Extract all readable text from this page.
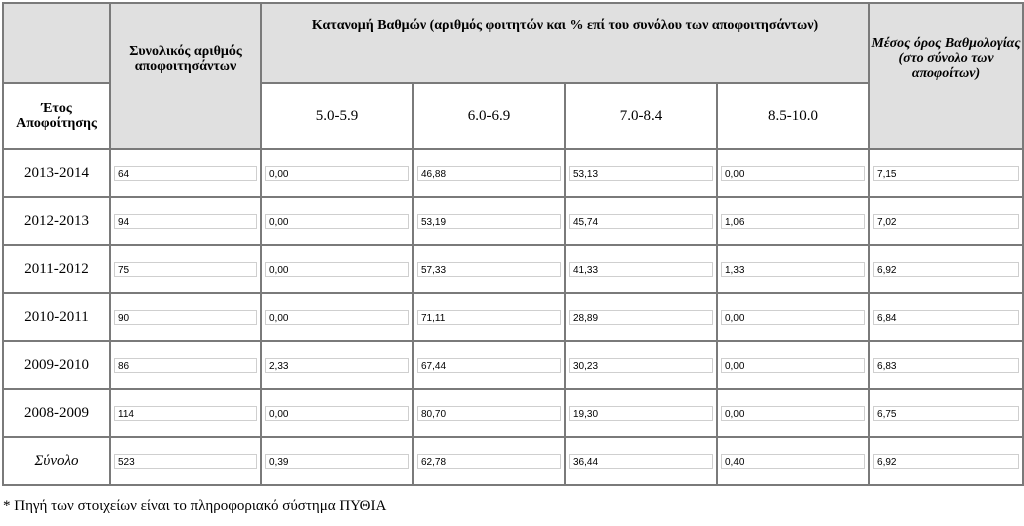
	Συνολικός αριθμός αποφοιτησάντων	Κατανομή Βαθμών (αριθμός φοιτητών και % επί του συνόλου των αποφοιτησάντων)				Μέσος όρος Βαθμολογίας (στο σύνολο των αποφοίτων)
Έτος Αποφοίτησης		5.0-5.9	6.0-6.9	7.0-8.4	8.5-10.0	
2013-2014	64	0,00	46,88	53,13	0,00	7,15

2012-2013	94	0,00	53,19	45,74	1,06	7,02

2011-2012	75	0,00	57,33	41,33	1,33	6,92

2010-2011	90	0,00	71,11	28,89	0,00	6,84

2009-2010	86	2,33	67,44	30,23	0,00	6,83

2008-2009	114	0,00	80,70	19,30	0,00	6,75

Σύνολο	523	0,39	62,78	36,44	0,40	6,92
* Πηγή των στοιχείων είναι το πληροφοριακό σύστημα ΠΥΘΙΑ
